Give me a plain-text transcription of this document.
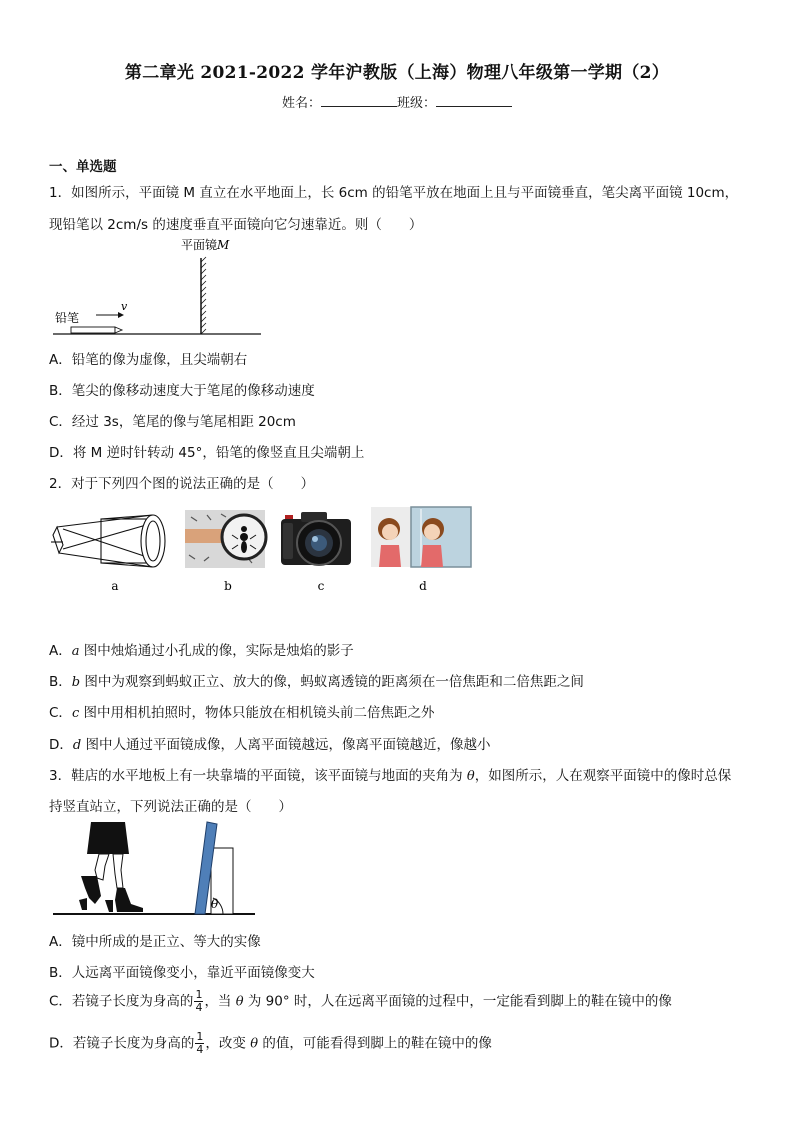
第二章光 2021-2022 学年沪教版（上海）物理八年级第一学期（2）
姓名：	班级：
一、单选题
1．如图所示，平面镜 M 直立在水平地面上，长 6cm 的铅笔平放在地面上且与平面镜垂直，笔尖离平面镜 10cm，
现铅笔以 2cm/s 的速度垂直平面镜向它匀速靠近。则（　　）
平面镜M
铅笔
v
A．铅笔的像为虚像，且尖端朝右
B．笔尖的像移动速度大于笔尾的像移动速度
C．经过 3s，笔尾的像与笔尾相距 20cm
D．将 M 逆时针转动 45°，铅笔的像竖直且尖端朝上
2．对于下列四个图的说法正确的是（　　）
a	b	c	d
A．a 图中烛焰通过小孔成的像，实际是烛焰的影子
B．b 图中为观察到蚂蚁正立、放大的像，蚂蚁离透镜的距离须在一倍焦距和二倍焦距之间
C．c 图中用相机拍照时，物体只能放在相机镜头前二倍焦距之外
D．d 图中人通过平面镜成像，人离平面镜越远，像离平面镜越近，像越小
3．鞋店的水平地板上有一块靠墙的平面镜，该平面镜与地面的夹角为 θ，如图所示，人在观察平面镜中的像时总保
持竖直站立，下列说法正确的是（　　）
θ
A．镜中所成的是正立、等大的实像
B．人远离平面镜像变小，靠近平面镜像变大
C．若镜子长度为身高的 $\frac{1}{4}$ ，当 θ 为 90° 时，人在远离平面镜的过程中，一定能看到脚上的鞋在镜中的像
D．若镜子长度为身高的 $\frac{1}{4}$ ，改变 θ 的值，可能看得到脚上的鞋在镜中的像
